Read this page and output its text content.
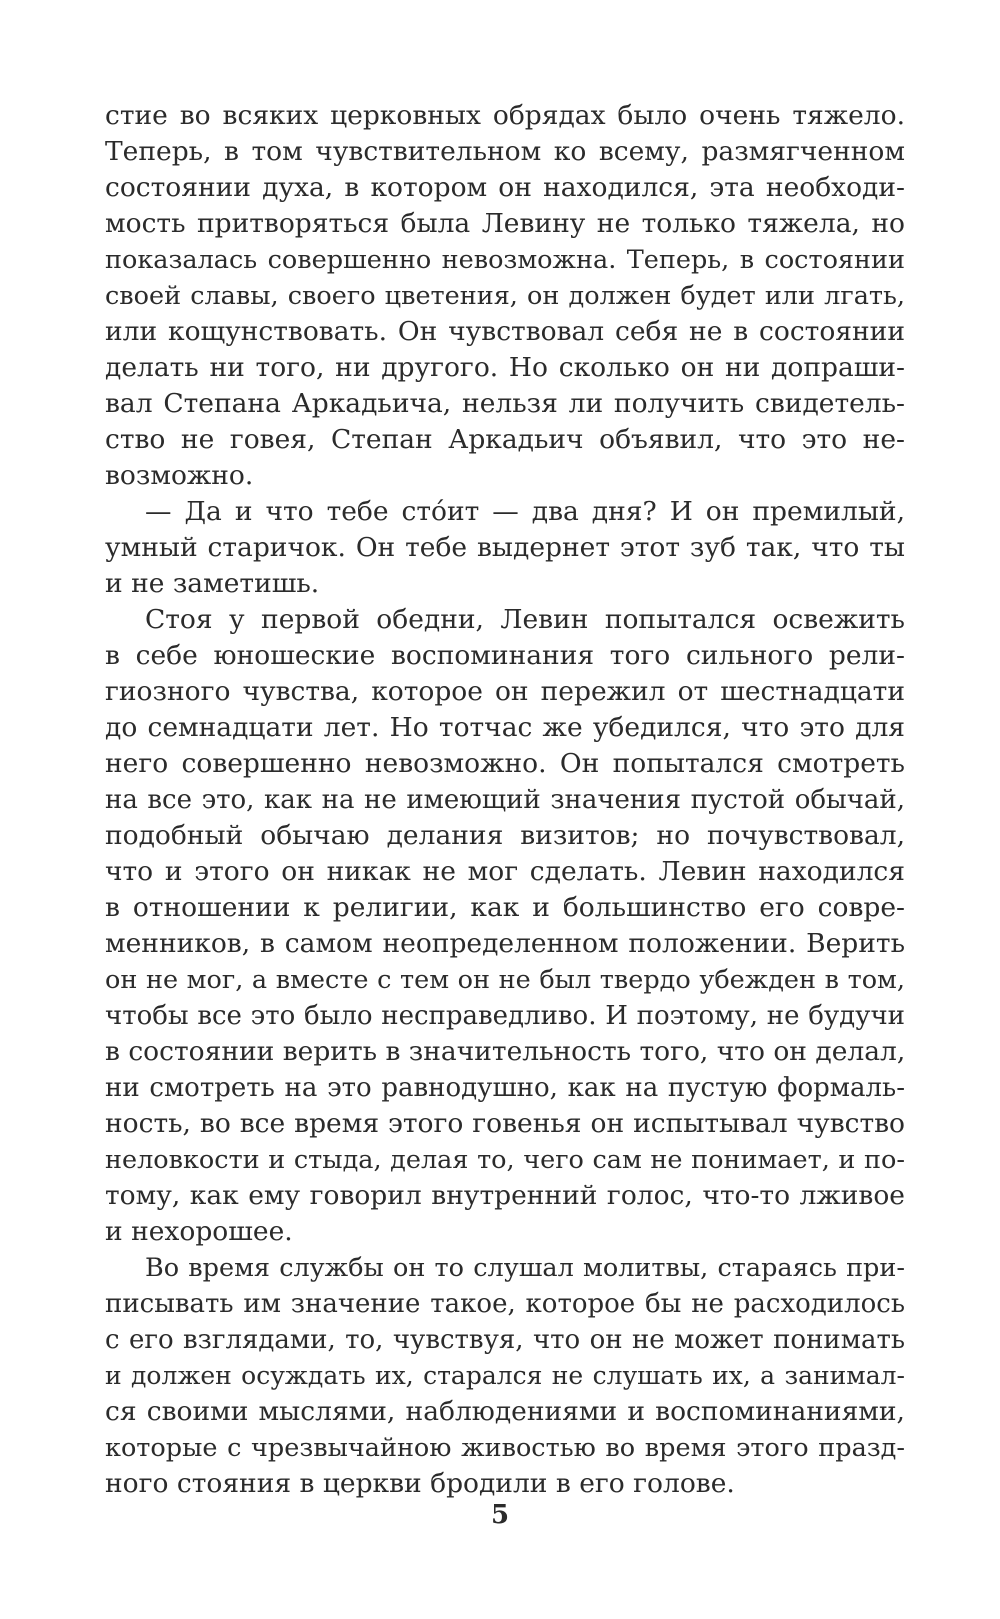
стие во всяких церковных обрядах было очень тяжело.
Теперь, в том чувствительном ко всему, размягченном
состоянии духа, в котором он находился, эта необходи-
мость притворяться была Левину не только тяжела, но
показалась совершенно невозможна. Теперь, в состоянии
своей славы, своего цветения, он должен будет или лгать,
или кощунствовать. Он чувствовал себя не в состоянии
делать ни того, ни другого. Но сколько он ни допраши-
вал Степана Аркадьича, нельзя ли получить свидетель-
ство не говея, Степан Аркадьич объявил, что это не-
возможно.
— Да и что тебе стóит — два дня? И он премилый,
умный старичок. Он тебе выдернет этот зуб так, что ты
и не заметишь.
Стоя у первой обедни, Левин попытался освежить
в себе юношеские воспоминания того сильного рели-
гиозного чувства, которое он пережил от шестнадцати
до семнадцати лет. Но тотчас же убедился, что это для
него совершенно невозможно. Он попытался смотреть
на все это, как на не имеющий значения пустой обычай,
подобный обычаю делания визитов; но почувствовал,
что и этого он никак не мог сделать. Левин находился
в отношении к религии, как и большинство его совре-
менников, в самом неопределенном положении. Верить
он не мог, а вместе с тем он не был твердо убежден в том,
чтобы все это было несправедливо. И поэтому, не будучи
в состоянии верить в значительность того, что он делал,
ни смотреть на это равнодушно, как на пустую формаль-
ность, во все время этого говенья он испытывал чувство
неловкости и стыда, делая то, чего сам не понимает, и по-
тому, как ему говорил внутренний голос, что-то лживое
и нехорошее.
Во время службы он то слушал молитвы, стараясь при-
писывать им значение такое, которое бы не расходилось
с его взглядами, то, чувствуя, что он не может понимать
и должен осуждать их, старался не слушать их, а занимал-
ся своими мыслями, наблюдениями и воспоминаниями,
которые с чрезвычайною живостью во время этого празд-
ного стояния в церкви бродили в его голове.
5
